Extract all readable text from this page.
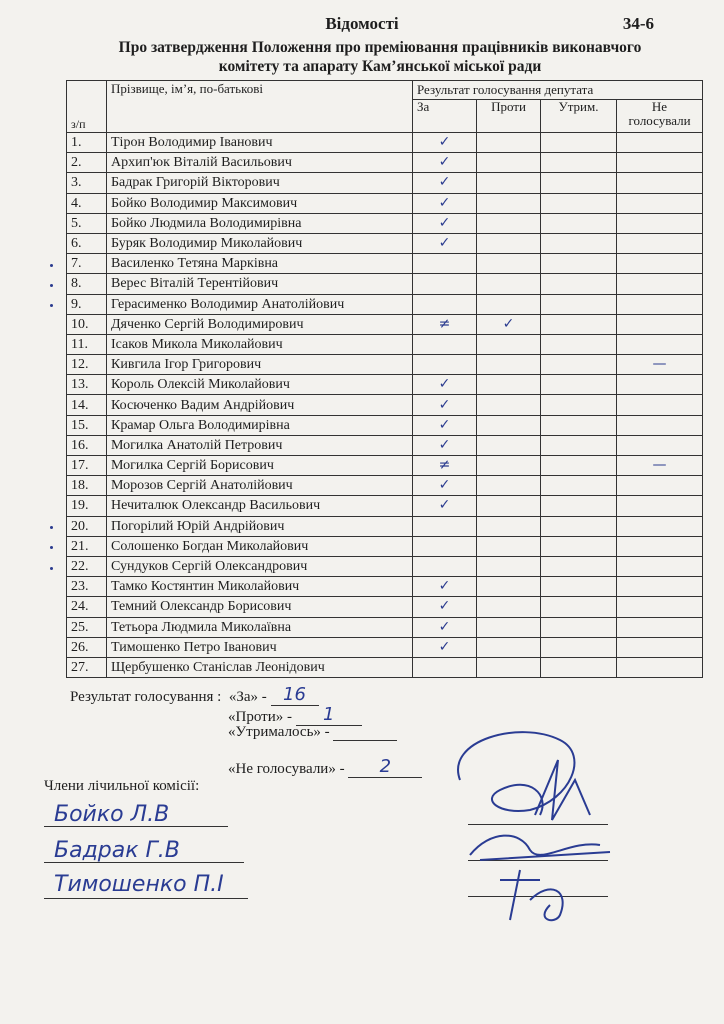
Відомості	34-6
Про затвердження Положення про преміювання працівників виконавчого
комітету та апарату Кам’янської міської ради
з/п	Прізвище, ім’я, по-батькові	Результат голосування депутата			
		За	Проти	Утрим.	Не голосували
1.	Тірон Володимир Іванович	✓			
2.	Архип'юк Віталій Васильович	✓			
3.	Бадрак Григорій Вікторович	✓			
4.	Бойко Володимир Максимович	✓			
5.	Бойко Людмила Володимирівна	✓			
6.	Буряк Володимир Миколайович	✓			
7.	Василенко Тетяна Марківна				
8.	Верес Віталій Терентійович				
9.	Герасименко Володимир Анатолійович				
10.	Дяченко Сергій Володимирович	≠	✓		
11.	Ісаков Микола Миколайович				
12.	Кивгила Ігор Григорович				—
13.	Король Олексій Миколайович	✓			
14.	Косюченко Вадим Андрійович	✓			
15.	Крамар Ольга Володимирівна	✓			
16.	Могилка Анатолій Петрович	✓			
17.	Могилка Сергій Борисович	≠			—
18.	Морозов Сергій Анатолійович	✓			
19.	Нечиталюк Олександр Васильович	✓			
20.	Погорілий Юрій Андрійович				
21.	Солошенко Богдан Миколайович				
22.	Сундуков Сергій Олександрович				
23.	Тамко Костянтин Миколайович	✓			
24.	Темний Олександр Борисович	✓			
25.	Тетьора Людмила Миколаївна	✓			
26.	Тимошенко Петро Іванович	✓			
27.	Щербушенко Станіслав Леонідович				
Результат голосування : «За» - 16
«Проти» - 1
«Утрималось» -
«Не голосували» - 2
Члени лічильної комісії:
Бойко Л.В
Бадрак Г.В
Тимошенко П.І
